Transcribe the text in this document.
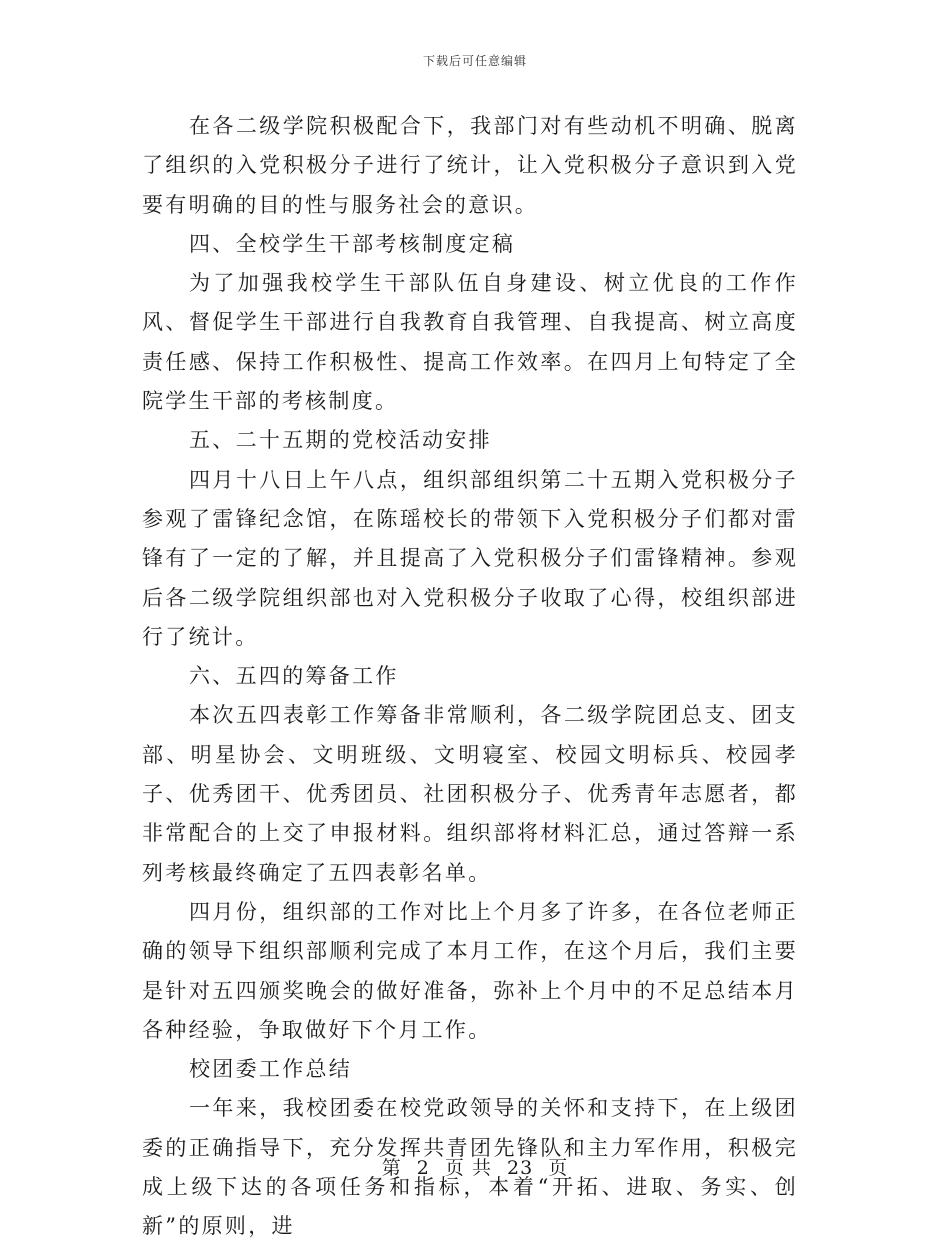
下载后可任意编辑

在各二级学院积极配合下，我部门对有些动机不明确、脱离了组织的入党积极分子进行了统计，让入党积极分子意识到入党要有明确的目的性与服务社会的意识。

四、全校学生干部考核制度定稿

为了加强我校学生干部队伍自身建设、树立优良的工作作风、督促学生干部进行自我教育自我管理、自我提高、树立高度责任感、保持工作积极性、提高工作效率。在四月上旬特定了全院学生干部的考核制度。

五、二十五期的党校活动安排

四月十八日上午八点，组织部组织第二十五期入党积极分子参观了雷锋纪念馆，在陈瑶校长的带领下入党积极分子们都对雷锋有了一定的了解，并且提高了入党积极分子们雷锋精神。参观后各二级学院组织部也对入党积极分子收取了心得，校组织部进行了统计。

六、五四的筹备工作

本次五四表彰工作筹备非常顺利，各二级学院团总支、团支部、明星协会、文明班级、文明寝室、校园文明标兵、校园孝子、优秀团干、优秀团员、社团积极分子、优秀青年志愿者，都非常配合的上交了申报材料。组织部将材料汇总，通过答辩一系列考核最终确定了五四表彰名单。

四月份，组织部的工作对比上个月多了许多，在各位老师正确的领导下组织部顺利完成了本月工作，在这个月后，我们主要是针对五四颁奖晚会的做好准备，弥补上个月中的不足总结本月各种经验，争取做好下个月工作。

校团委工作总结

一年来，我校团委在校党政领导的关怀和支持下，在上级团委的正确指导下，充分发挥共青团先锋队和主力军作用，积极完成上级下达的各项任务和指标，本着“开拓、进取、务实、创新”的原则，进

第 2 页 共 23 页
